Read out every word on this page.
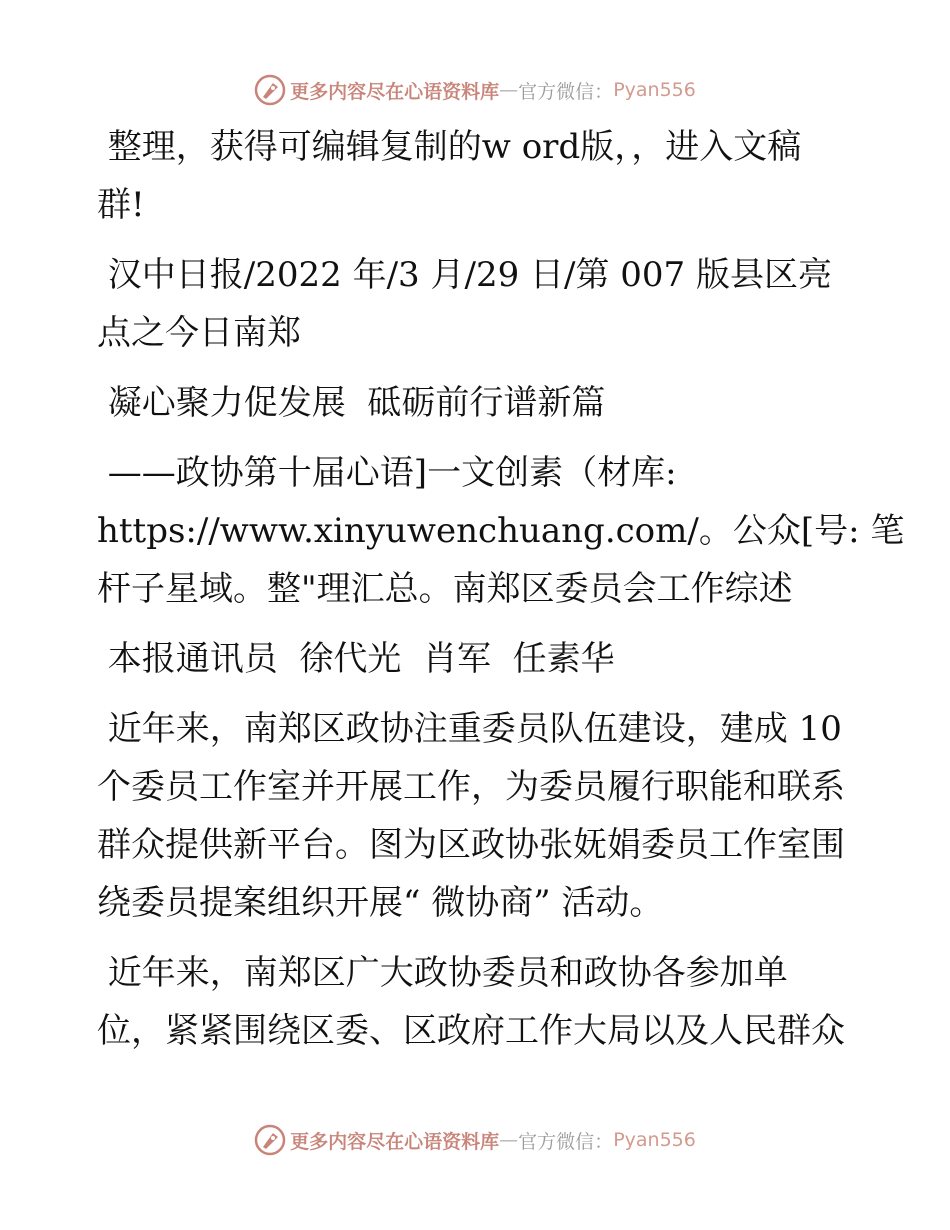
更多内容尽在心语资料库 — 官方微信： Pyan556
整理，获得可编辑复制的w ord版，，进入文稿
群!
汉中日报/2022 年/3 月/29 日/第 007 版县区亮
点之今日南郑
凝心聚力促发展  砥砺前行谱新篇
——政协第十届心语]一文创素（材库:
https://www.xinyuwenchuang.com/。公众[号: 笔
杆子星域。整"理汇总。南郑区委员会工作综述
本报通讯员  徐代光  肖军  任素华
近年来，南郑区政协注重委员队伍建设，建成 10
个委员工作室并开展工作，为委员履行职能和联系
群众提供新平台。图为区政协张妩娟委员工作室围
绕委员提案组织开展“ 微协商” 活动。
近年来，南郑区广大政协委员和政协各参加单
位，紧紧围绕区委、区政府工作大局以及人民群众
更多内容尽在心语资料库 — 官方微信： Pyan556
